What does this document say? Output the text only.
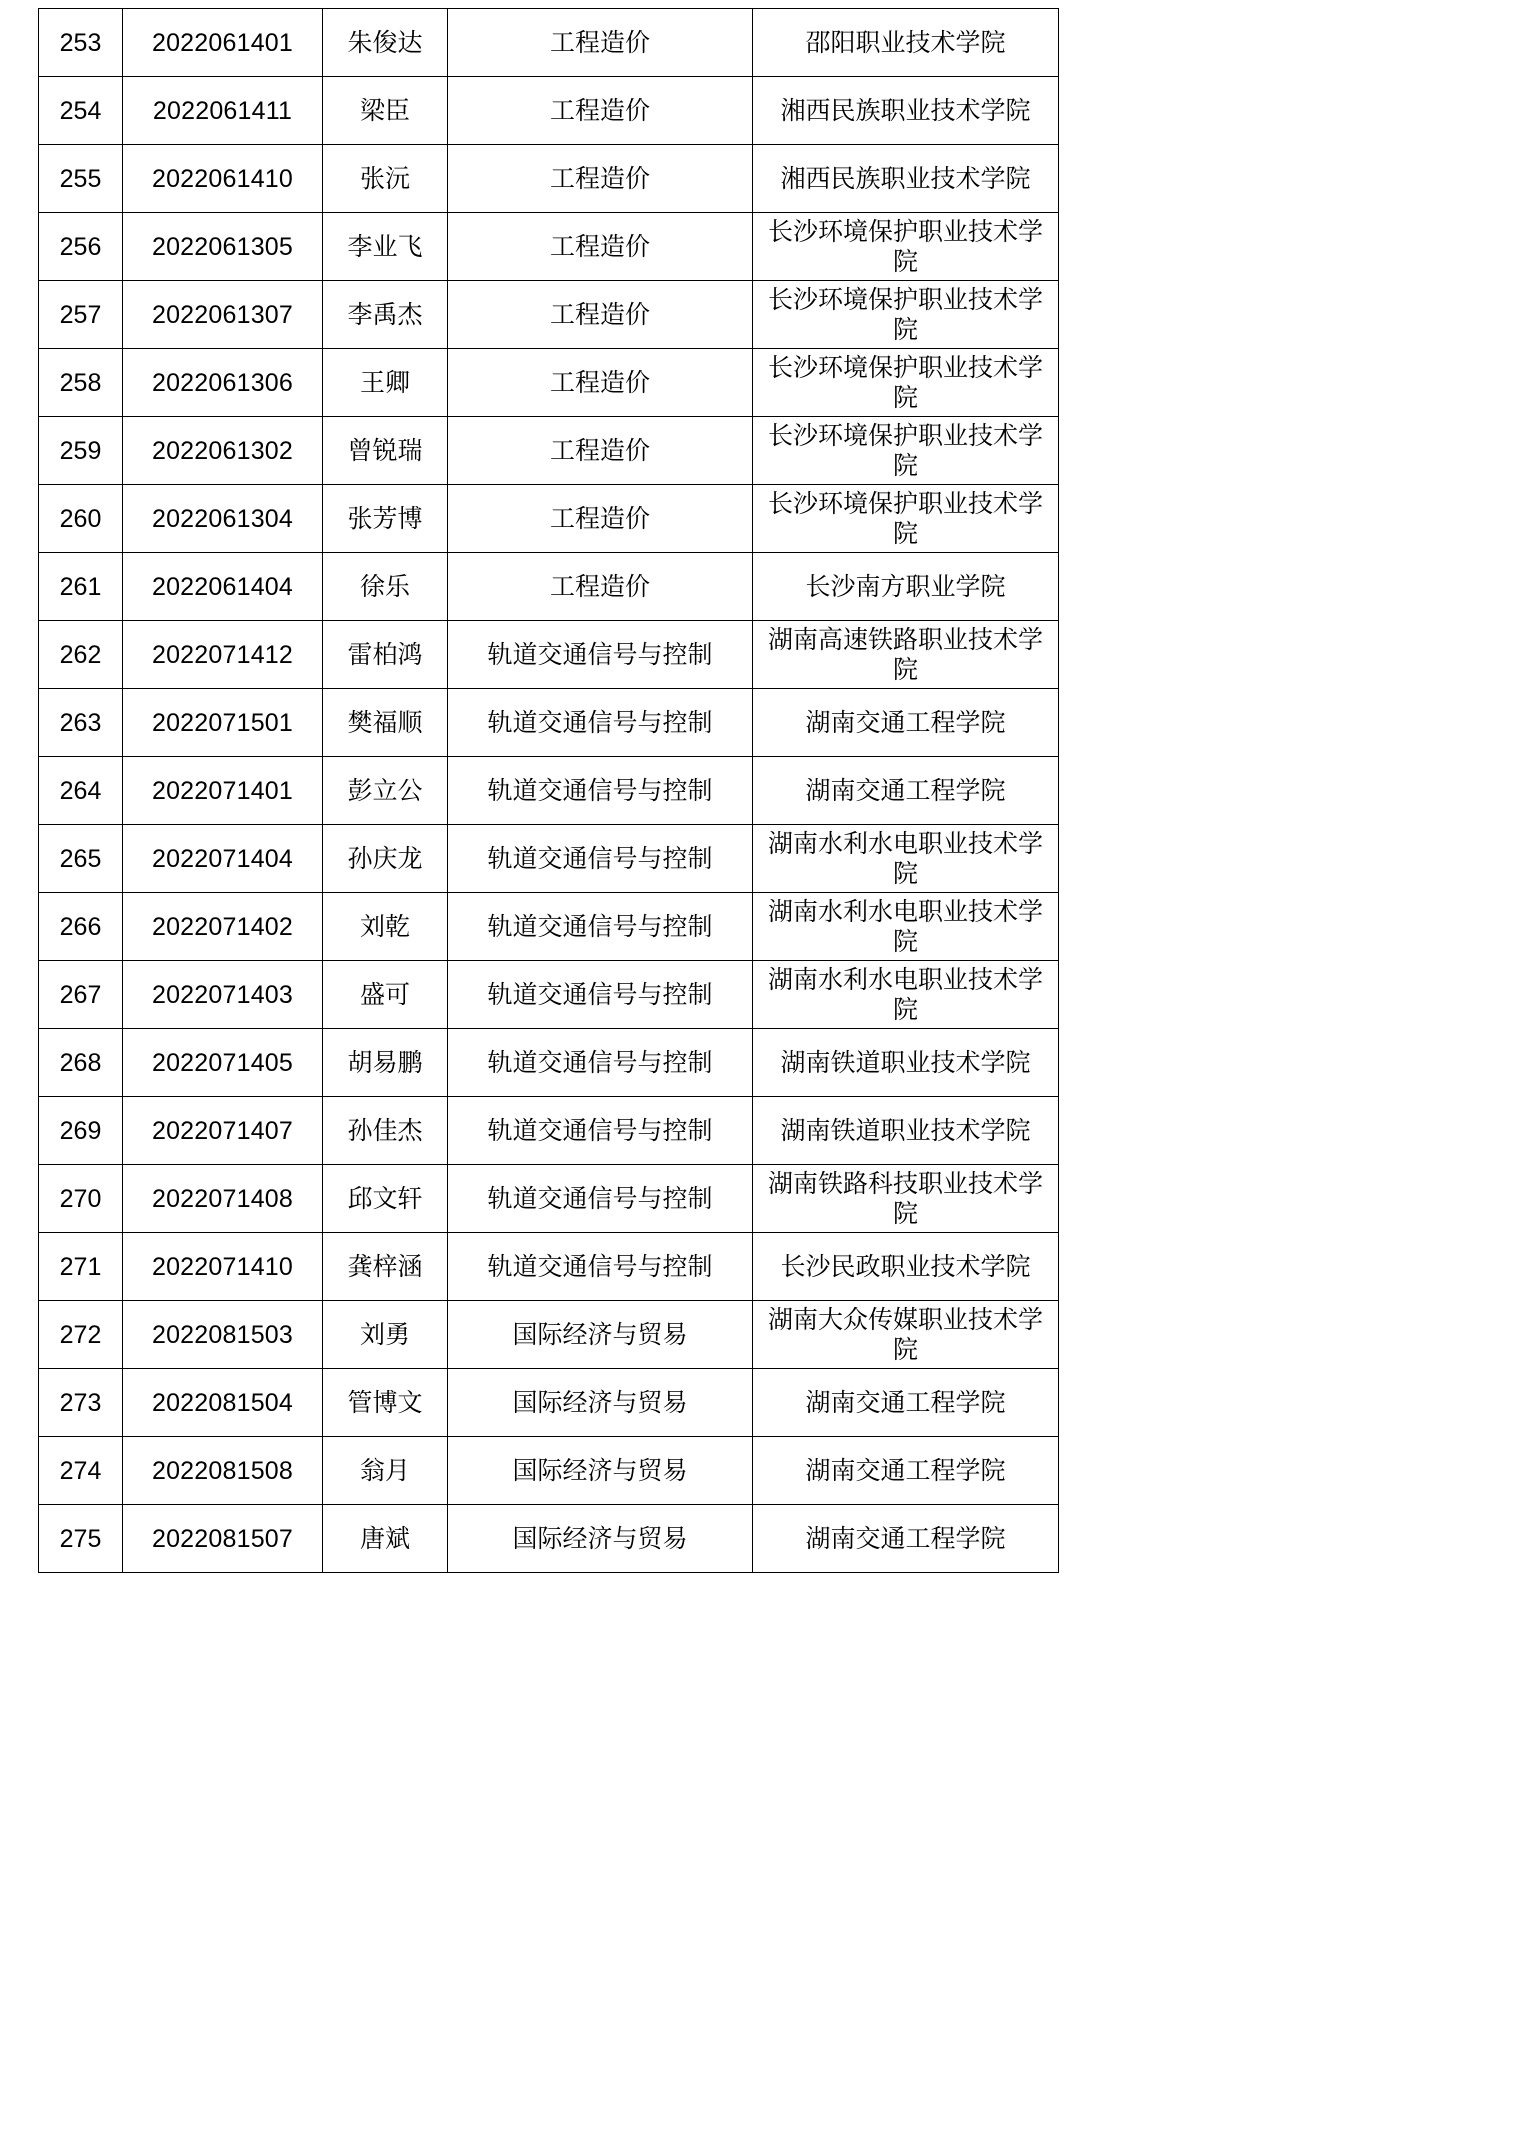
253	2022061401	朱俊达	工程造价	邵阳职业技术学院
254	2022061411	梁臣	工程造价	湘西民族职业技术学院
255	2022061410	张沅	工程造价	湘西民族职业技术学院
256	2022061305	李业飞	工程造价	长沙环境保护职业技术学院
257	2022061307	李禹杰	工程造价	长沙环境保护职业技术学院
258	2022061306	王卿	工程造价	长沙环境保护职业技术学院
259	2022061302	曾锐瑞	工程造价	长沙环境保护职业技术学院
260	2022061304	张芳博	工程造价	长沙环境保护职业技术学院
261	2022061404	徐乐	工程造价	长沙南方职业学院
262	2022071412	雷柏鸿	轨道交通信号与控制	湖南高速铁路职业技术学院
263	2022071501	樊福顺	轨道交通信号与控制	湖南交通工程学院
264	2022071401	彭立公	轨道交通信号与控制	湖南交通工程学院
265	2022071404	孙庆龙	轨道交通信号与控制	湖南水利水电职业技术学院
266	2022071402	刘乾	轨道交通信号与控制	湖南水利水电职业技术学院
267	2022071403	盛可	轨道交通信号与控制	湖南水利水电职业技术学院
268	2022071405	胡易鹏	轨道交通信号与控制	湖南铁道职业技术学院
269	2022071407	孙佳杰	轨道交通信号与控制	湖南铁道职业技术学院
270	2022071408	邱文轩	轨道交通信号与控制	湖南铁路科技职业技术学院
271	2022071410	龚梓涵	轨道交通信号与控制	长沙民政职业技术学院
272	2022081503	刘勇	国际经济与贸易	湖南大众传媒职业技术学院
273	2022081504	管博文	国际经济与贸易	湖南交通工程学院
274	2022081508	翁月	国际经济与贸易	湖南交通工程学院
275	2022081507	唐斌	国际经济与贸易	湖南交通工程学院
